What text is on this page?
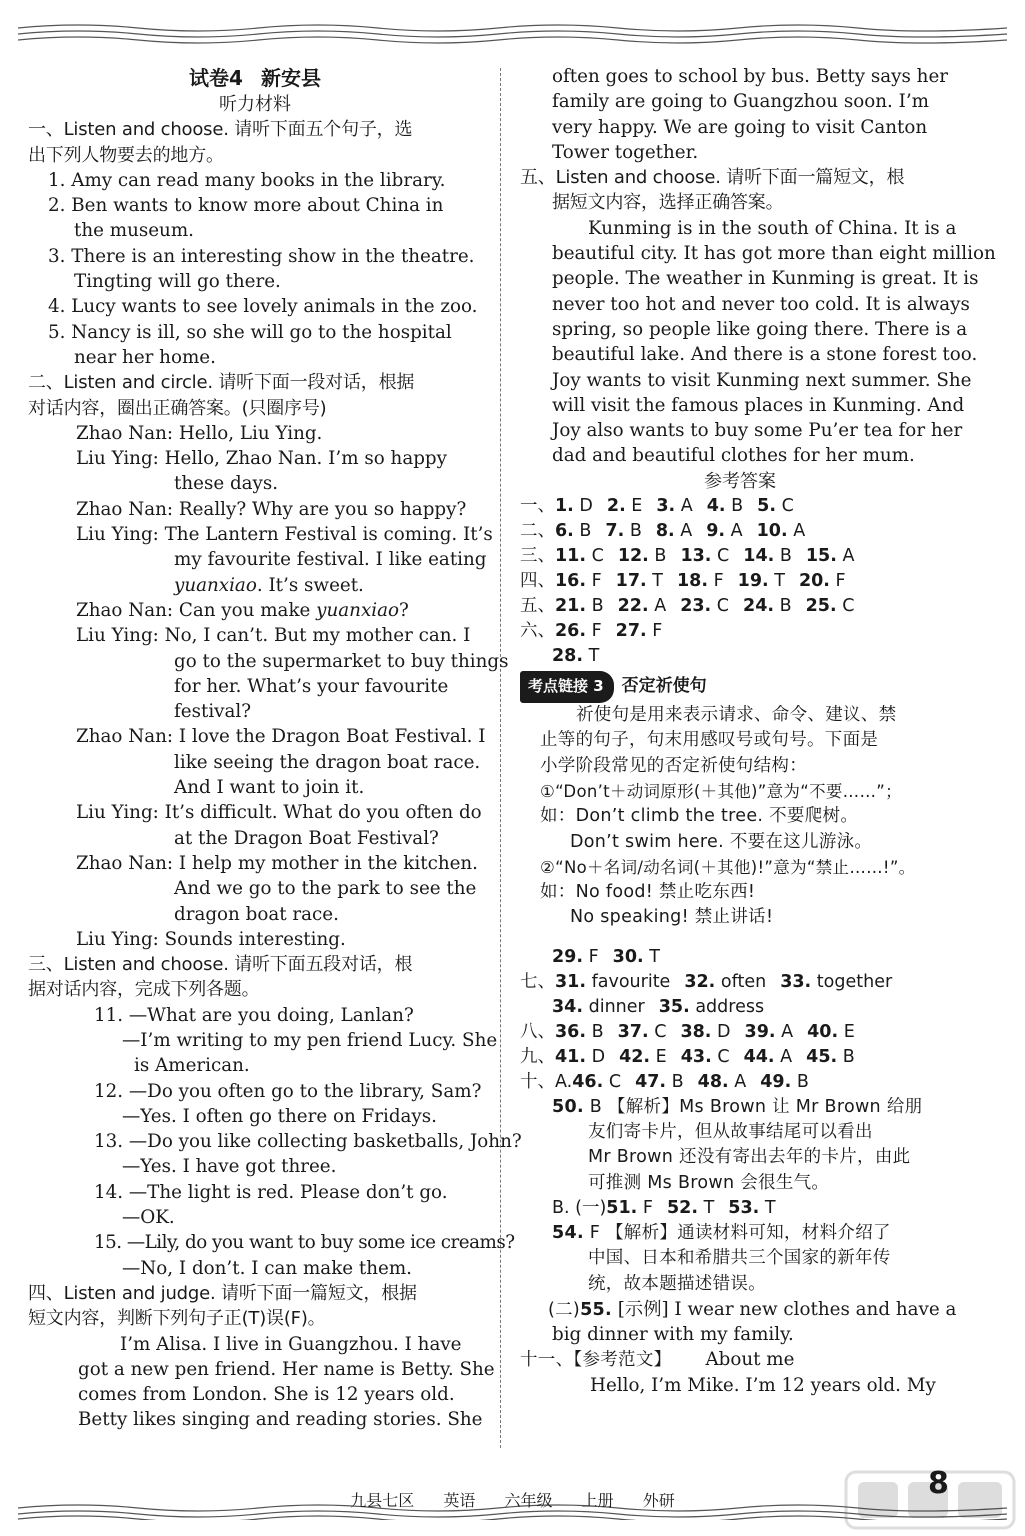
试卷4 新安县
听力材料
一、Listen and choose. 请听下面五个句子，选
出下列人物要去的地方。
1. Amy can read many books in the library.
2. Ben wants to know more about China in
the museum.
3. There is an interesting show in the theatre.
Tingting will go there.
4. Lucy wants to see lovely animals in the zoo.
5. Nancy is ill, so she will go to the hospital
near her home.
二、Listen and circle. 请听下面一段对话，根据
对话内容，圈出正确答案。(只圈序号)
Zhao Nan: Hello, Liu Ying.
Liu Ying: Hello, Zhao Nan. I’m so happy
these days.
Zhao Nan: Really? Why are you so happy?
Liu Ying: The Lantern Festival is coming. It’s
my favourite festival. I like eating
yuanxiao. It’s sweet.
Zhao Nan: Can you make yuanxiao?
Liu Ying: No, I can’t. But my mother can. I
go to the supermarket to buy things
for her. What’s your favourite
festival?
Zhao Nan: I love the Dragon Boat Festival. I
like seeing the dragon boat race.
And I want to join it.
Liu Ying: It’s difficult. What do you often do
at the Dragon Boat Festival?
Zhao Nan: I help my mother in the kitchen.
And we go to the park to see the
dragon boat race.
Liu Ying: Sounds interesting.
三、Listen and choose. 请听下面五段对话，根
据对话内容，完成下列各题。
11. —What are you doing, Lanlan?
—I’m writing to my pen friend Lucy. She
is American.
12. —Do you often go to the library, Sam?
—Yes. I often go there on Fridays.
13. —Do you like collecting basketballs, John?
—Yes. I have got three.
14. —The light is red. Please don’t go.
—OK.
15. —Lily, do you want to buy some ice creams?
—No, I don’t. I can make them.
四、Listen and judge. 请听下面一篇短文，根据
短文内容，判断下列句子正(T)误(F)。
I’m Alisa. I live in Guangzhou. I have
got a new pen friend. Her name is Betty. She
comes from London. She is 12 years old.
Betty likes singing and reading stories. She
often goes to school by bus. Betty says her
family are going to Guangzhou soon. I’m
very happy. We are going to visit Canton
Tower together.
五、Listen and choose. 请听下面一篇短文，根
据短文内容，选择正确答案。
Kunming is in the south of China. It is a
beautiful city. It has got more than eight million
people. The weather in Kunming is great. It is
never too hot and never too cold. It is always
spring, so people like going there. There is a
beautiful lake. And there is a stone forest too.
Joy wants to visit Kunming next summer. She
will visit the famous places in Kunming. And
Joy also wants to buy some Pu’er tea for her
dad and beautiful clothes for her mum.
参考答案
一、1. D 2. E 3. A 4. B 5. C
二、6. B 7. B 8. A 9. A 10. A
三、11. C 12. B 13. C 14. B 15. A
四、16. F 17. T 18. F 19. T 20. F
五、21. B 22. A 23. C 24. B 25. C
六、26. F 27. F
28. T
考点链接 3	否定祈使句
祈使句是用来表示请求、命令、建议、禁
止等的句子，句末用感叹号或句号。下面是
小学阶段常见的否定祈使句结构：
①“Don’t＋动词原形(＋其他)”意为“不要……”；
如：Don’t climb the tree. 不要爬树。
Don’t swim here. 不要在这儿游泳。
②“No＋名词/动名词(＋其他)!”意为“禁止……!”。
如：No food! 禁止吃东西!
No speaking! 禁止讲话!
29. F 30. T
七、31. favourite 32. often 33. together
34. dinner 35. address
八、36. B 37. C 38. D 39. A 40. E
九、41. D 42. E 43. C 44. A 45. B
十、A.46. C 47. B 48. A 49. B
50. B 【解析】Ms Brown 让 Mr Brown 给朋
友们寄卡片，但从故事结尾可以看出
Mr Brown 还没有寄出去年的卡片，由此
可推测 Ms Brown 会很生气。
B. (一)51. F 52. T 53. T
54. F 【解析】通读材料可知，材料介绍了
中国、日本和希腊共三个国家的新年传
统，故本题描述错误。
(二)55. [示例] I wear new clothes and have a
big dinner with my family.
十一、【参考范文】 About me
Hello, I’m Mike. I’m 12 years old. My
九县七区 英语 六年级 上册 外研	8
